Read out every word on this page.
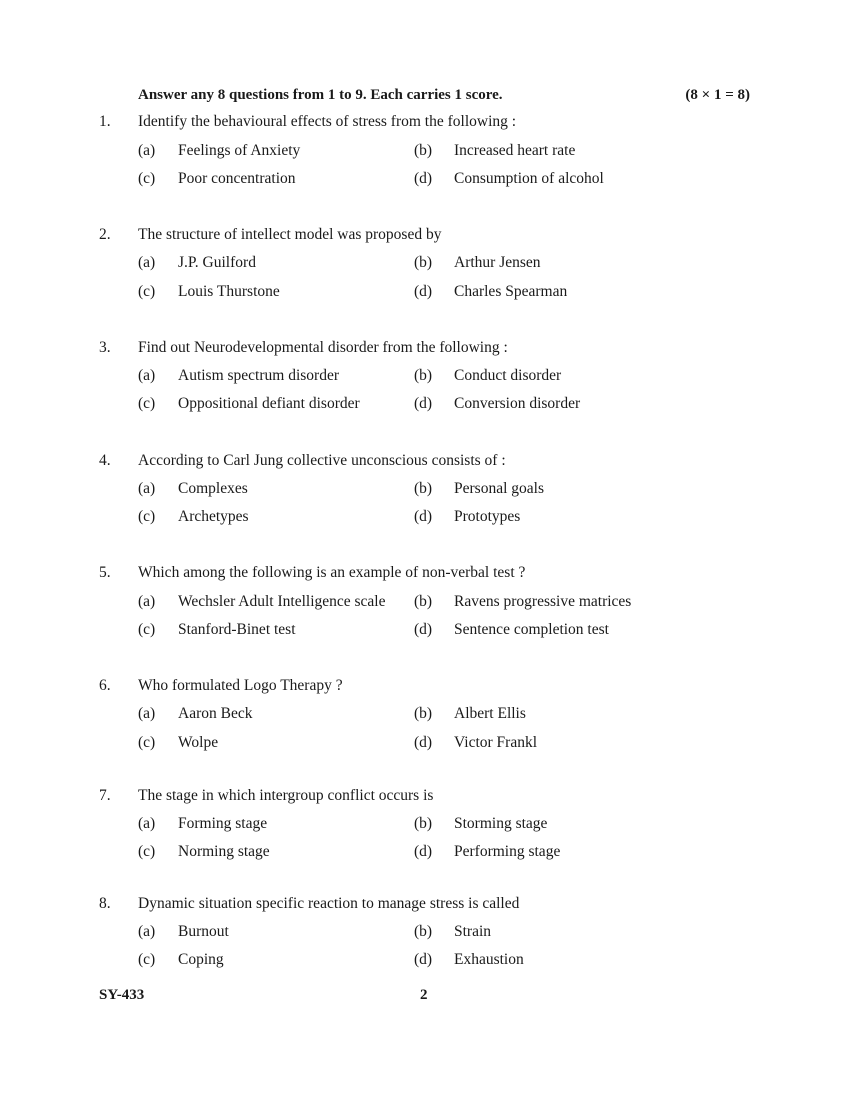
Answer any 8 questions from 1 to 9. Each carries 1 score.	(8 × 1 = 8)
1. Identify the behavioural effects of stress from the following :
(a) Feelings of Anxiety	(b) Increased heart rate
(c) Poor concentration	(d) Consumption of alcohol
2. The structure of intellect model was proposed by
(a) J.P. Guilford	(b) Arthur Jensen
(c) Louis Thurstone	(d) Charles Spearman
3. Find out Neurodevelopmental disorder from the following :
(a) Autism spectrum disorder	(b) Conduct disorder
(c) Oppositional defiant disorder	(d) Conversion disorder
4. According to Carl Jung collective unconscious consists of :
(a) Complexes	(b) Personal goals
(c) Archetypes	(d) Prototypes
5. Which among the following is an example of non-verbal test ?
(a) Wechsler Adult Intelligence scale (b) Ravens progressive matrices
(c) Stanford-Binet test	(d) Sentence completion test
6. Who formulated Logo Therapy ?
(a) Aaron Beck	(b) Albert Ellis
(c) Wolpe	(d) Victor Frankl
7. The stage in which intergroup conflict occurs is
(a) Forming stage	(b) Storming stage
(c) Norming stage	(d) Performing stage
8. Dynamic situation specific reaction to manage stress is called
(a) Burnout	(b) Strain
(c) Coping	(d) Exhaustion
SY-433	2
